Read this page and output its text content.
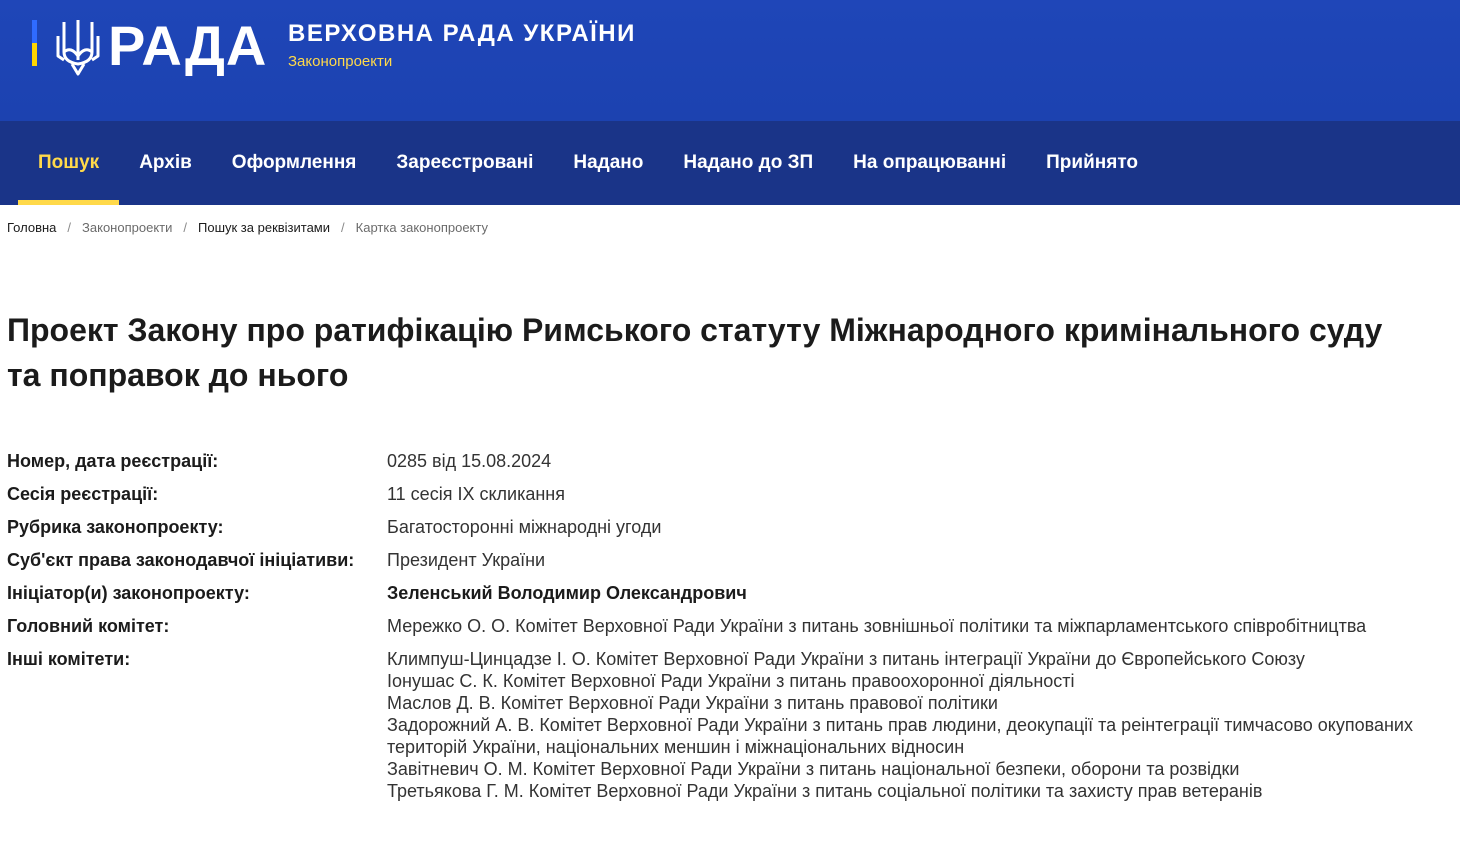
РАДА ВЕРХОВНА РАДА УКРАЇНИ
Законопроекти
Пошук	Архів	Оформлення	Зареєстровані	Надано	Надано до ЗП	На опрацюванні	Прийнято
Головна / Законопроекти / Пошук за реквізитами / Картка законопроекту
Проект Закону про ратифікацію Римського статуту Міжнародного кримінального суду та поправок до нього
Номер, дата реєстрації:	0285 від 15.08.2024
Сесія реєстрації:	11 сесія IX скликання
Рубрика законопроекту:	Багатосторонні міжнародні угоди
Суб'єкт права законодавчої ініціативи:	Президент України
Ініціатор(и) законопроекту:	Зеленський Володимир Олександрович
Головний комітет:	Мережко О. О. Комітет Верховної Ради України з питань зовнішньої політики та міжпарламентського співробітництва
Інші комітети:	Климпуш-Цинцадзе І. О. Комітет Верховної Ради України з питань інтеграції України до Європейського Союзу
Іонушас С. К. Комітет Верховної Ради України з питань правоохоронної діяльності
Маслов Д. В. Комітет Верховної Ради України з питань правової політики
Задорожний А. В. Комітет Верховної Ради України з питань прав людини, деокупації та реінтеграції тимчасово окупованих територій України, національних меншин і міжнаціональних відносин
Завітневич О. М. Комітет Верховної Ради України з питань національної безпеки, оборони та розвідки
Третьякова Г. М. Комітет Верховної Ради України з питань соціальної політики та захисту прав ветеранів
